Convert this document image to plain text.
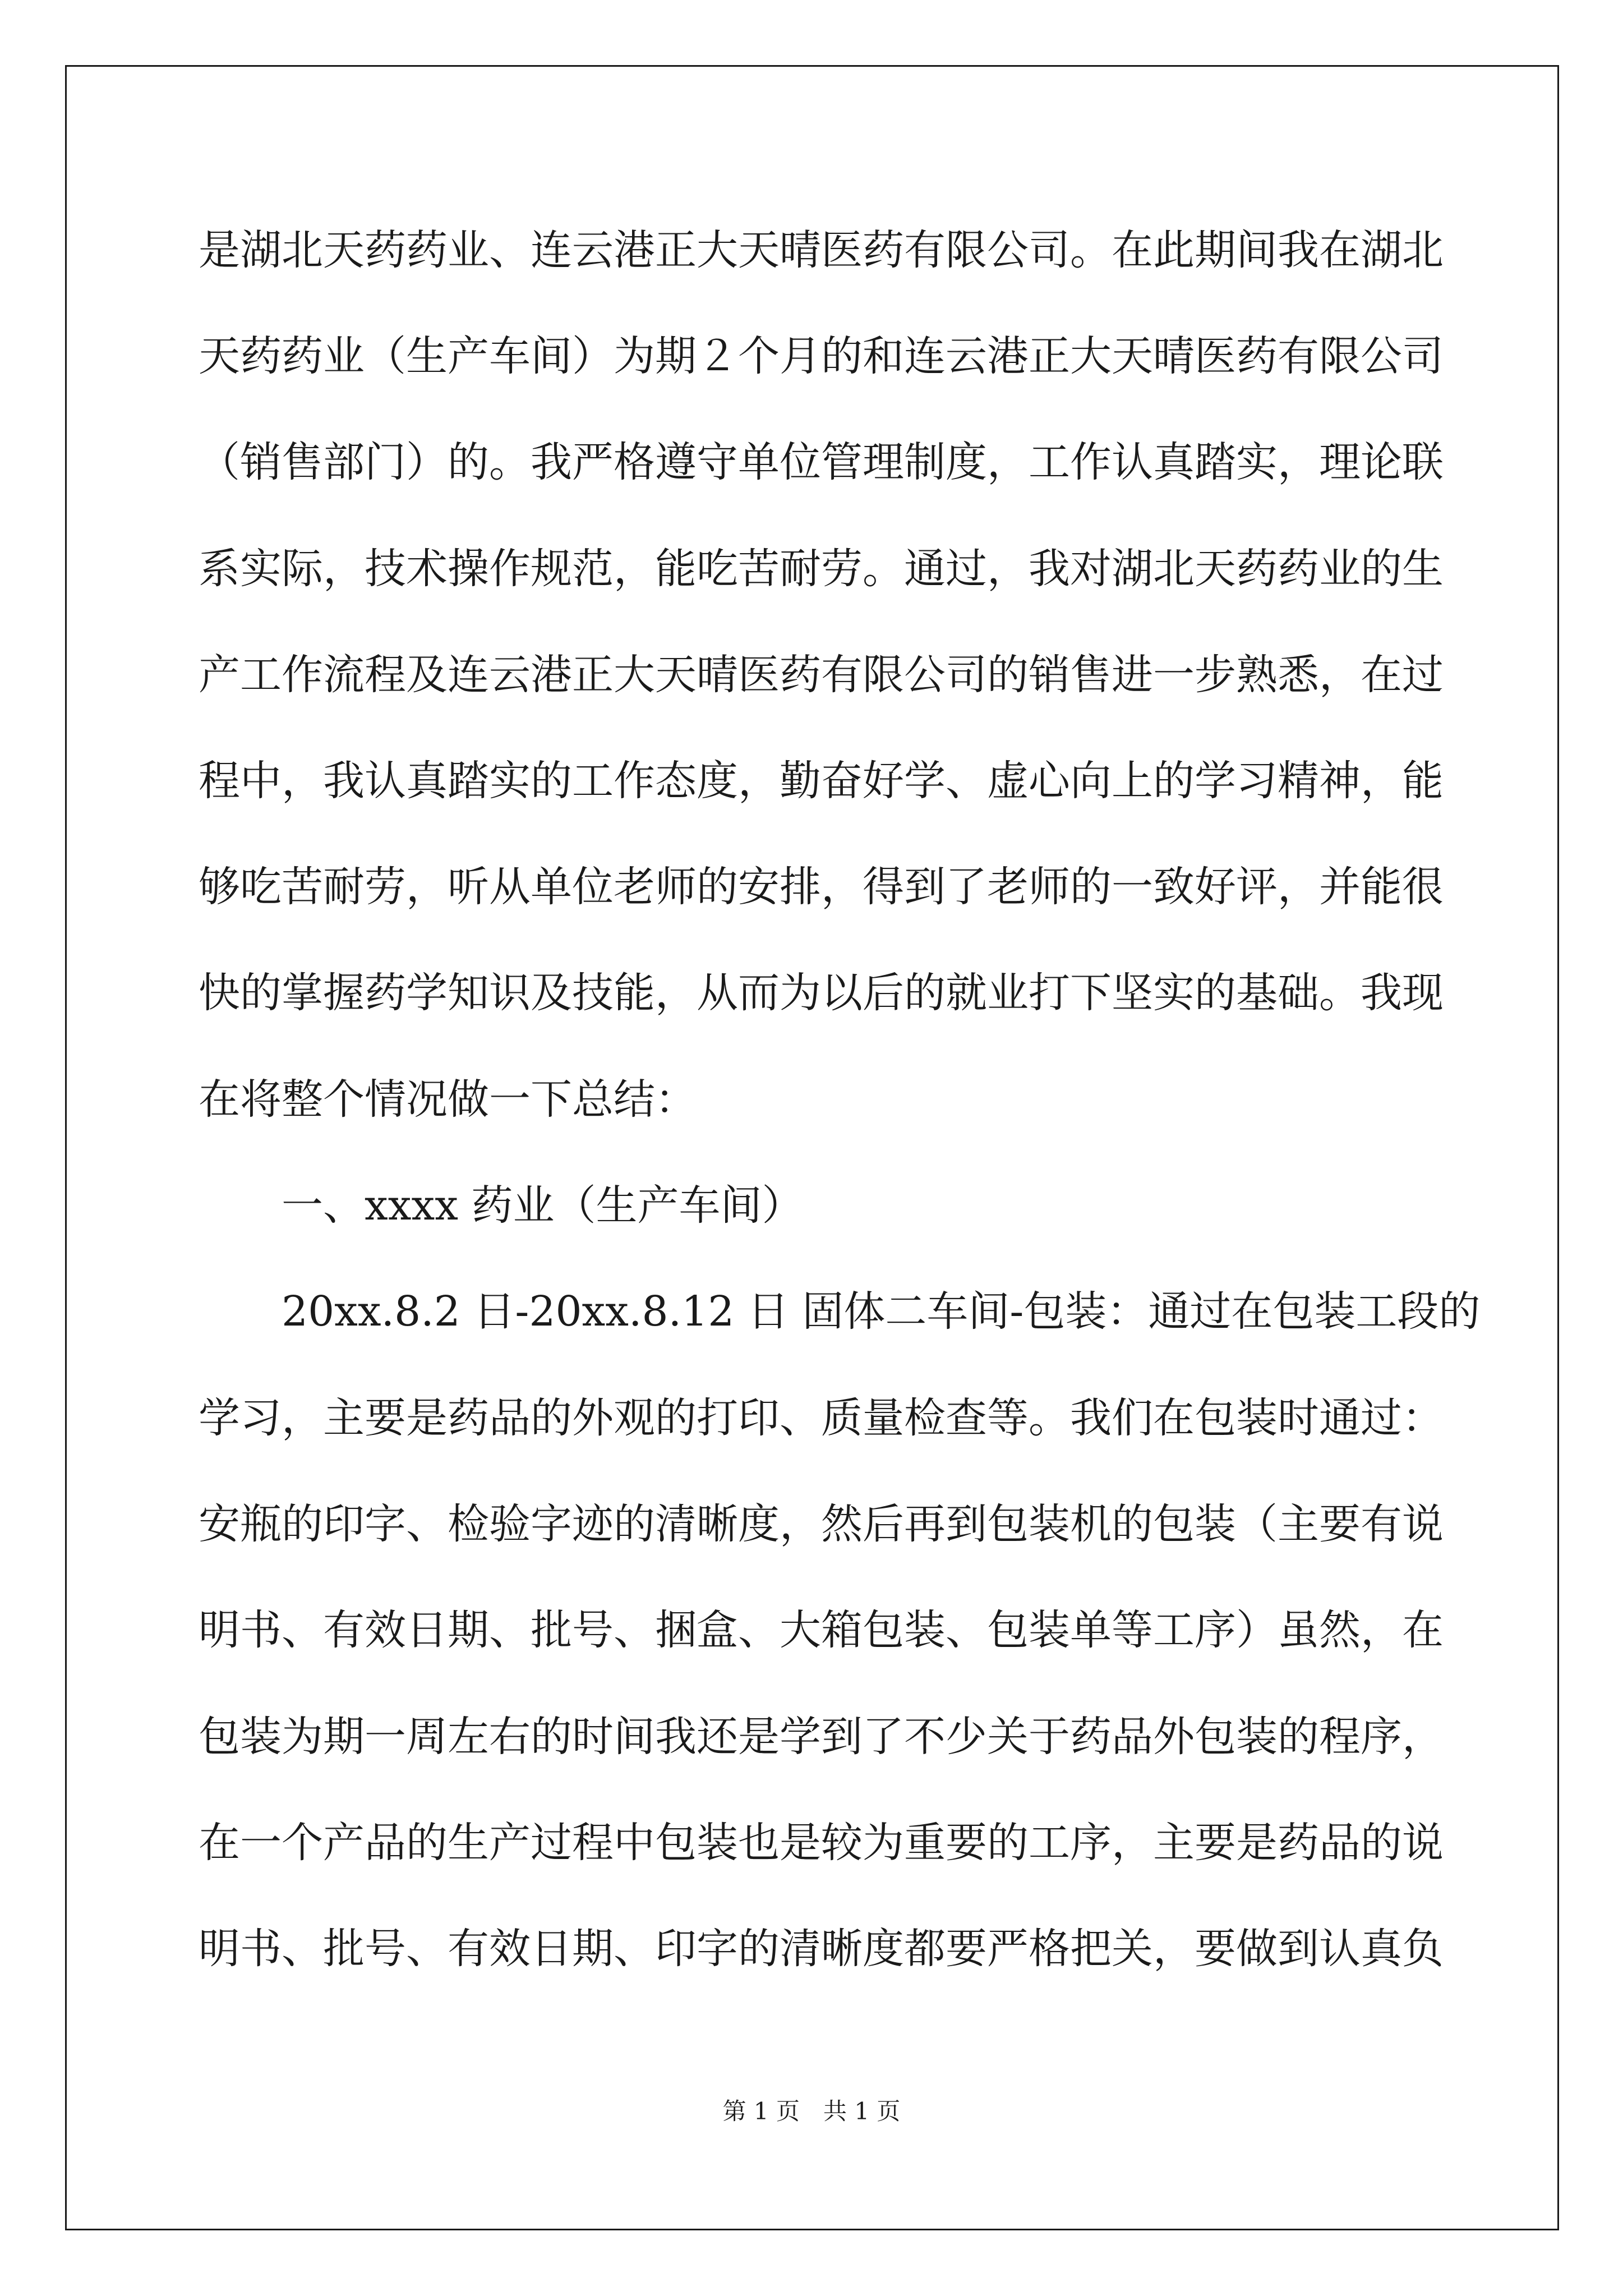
是湖北天药药业、连云港正大天晴医药有限公司。在此期间我在湖北
天药药业（生产车间）为期２个月的和连云港正大天晴医药有限公司
（销售部门）的。我严格遵守单位管理制度，工作认真踏实，理论联
系实际，技术操作规范，能吃苦耐劳。通过，我对湖北天药药业的生
产工作流程及连云港正大天晴医药有限公司的销售进一步熟悉，在过
程中，我认真踏实的工作态度，勤奋好学、虚心向上的学习精神，能
够吃苦耐劳，听从单位老师的安排，得到了老师的一致好评，并能很
快的掌握药学知识及技能，从而为以后的就业打下坚实的基础。我现
在将整个情况做一下总结：
一、xxxx 药业（生产车间）
20xx.8.2 日-20xx.8.12 日 固体二车间-包装：通过在包装工段的
学习，主要是药品的外观的打印、质量检查等。我们在包装时通过：
安瓶的印字、检验字迹的清晰度，然后再到包装机的包装（主要有说
明书、有效日期、批号、捆盒、大箱包装、包装单等工序）虽然，在
包装为期一周左右的时间我还是学到了不少关于药品外包装的程序，
在一个产品的生产过程中包装也是较为重要的工序，主要是药品的说
明书、批号、有效日期、印字的清晰度都要严格把关，要做到认真负
第 1 页　共 1 页
